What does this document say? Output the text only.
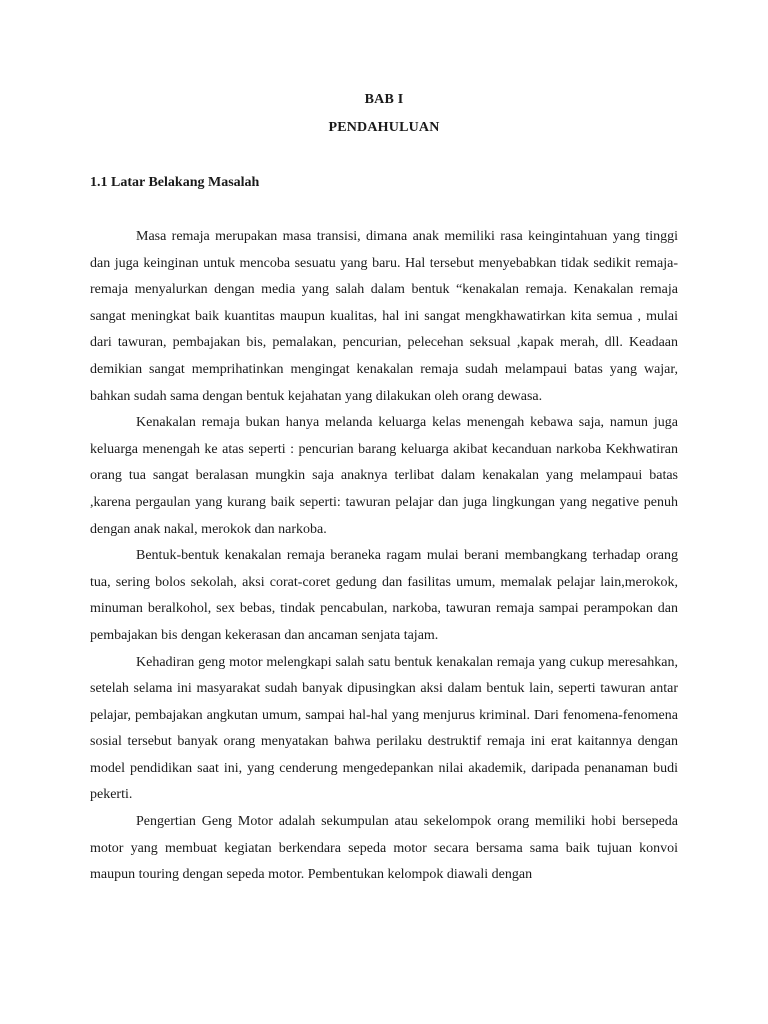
BAB I
PENDAHULUAN
1.1 Latar Belakang Masalah

Masa remaja merupakan masa transisi, dimana anak memiliki rasa keingintahuan yang tinggi dan juga keinginan untuk mencoba sesuatu yang baru. Hal tersebut menyebabkan tidak sedikit remaja-remaja menyalurkan dengan media yang salah dalam bentuk “kenakalan remaja. Kenakalan remaja sangat meningkat baik kuantitas maupun kualitas, hal ini sangat mengkhawatirkan kita semua , mulai dari tawuran, pembajakan bis, pemalakan, pencurian, pelecehan seksual ,kapak merah, dll. Keadaan demikian sangat memprihatinkan mengingat kenakalan remaja sudah melampaui batas yang wajar, bahkan sudah sama dengan bentuk kejahatan yang dilakukan oleh orang dewasa.

Kenakalan remaja bukan hanya melanda keluarga kelas menengah kebawa saja, namun juga keluarga menengah ke atas seperti : pencurian barang keluarga akibat kecanduan narkoba Kekhwatiran orang tua sangat beralasan mungkin saja anaknya terlibat dalam kenakalan yang melampaui batas ,karena pergaulan yang kurang baik seperti: tawuran pelajar dan juga lingkungan yang negative penuh dengan anak nakal, merokok dan narkoba.

Bentuk-bentuk kenakalan remaja beraneka ragam mulai berani membangkang terhadap orang tua, sering bolos sekolah, aksi corat-coret gedung dan fasilitas umum, memalak pelajar lain,merokok, minuman beralkohol, sex bebas, tindak pencabulan, narkoba, tawuran remaja sampai perampokan dan pembajakan bis dengan kekerasan dan ancaman senjata tajam.

Kehadiran geng motor melengkapi salah satu bentuk kenakalan remaja yang cukup meresahkan, setelah selama ini masyarakat sudah banyak dipusingkan aksi dalam bentuk lain, seperti tawuran antar pelajar, pembajakan angkutan umum, sampai hal-hal yang menjurus kriminal. Dari fenomena-fenomena sosial tersebut banyak orang menyatakan bahwa perilaku destruktif remaja ini erat kaitannya dengan model pendidikan saat ini, yang cenderung mengedepankan nilai akademik, daripada penanaman budi pekerti.

Pengertian Geng Motor adalah sekumpulan atau sekelompok orang memiliki hobi bersepeda motor yang membuat kegiatan berkendara sepeda motor secara bersama sama baik tujuan konvoi maupun touring dengan sepeda motor. Pembentukan kelompok diawali dengan
